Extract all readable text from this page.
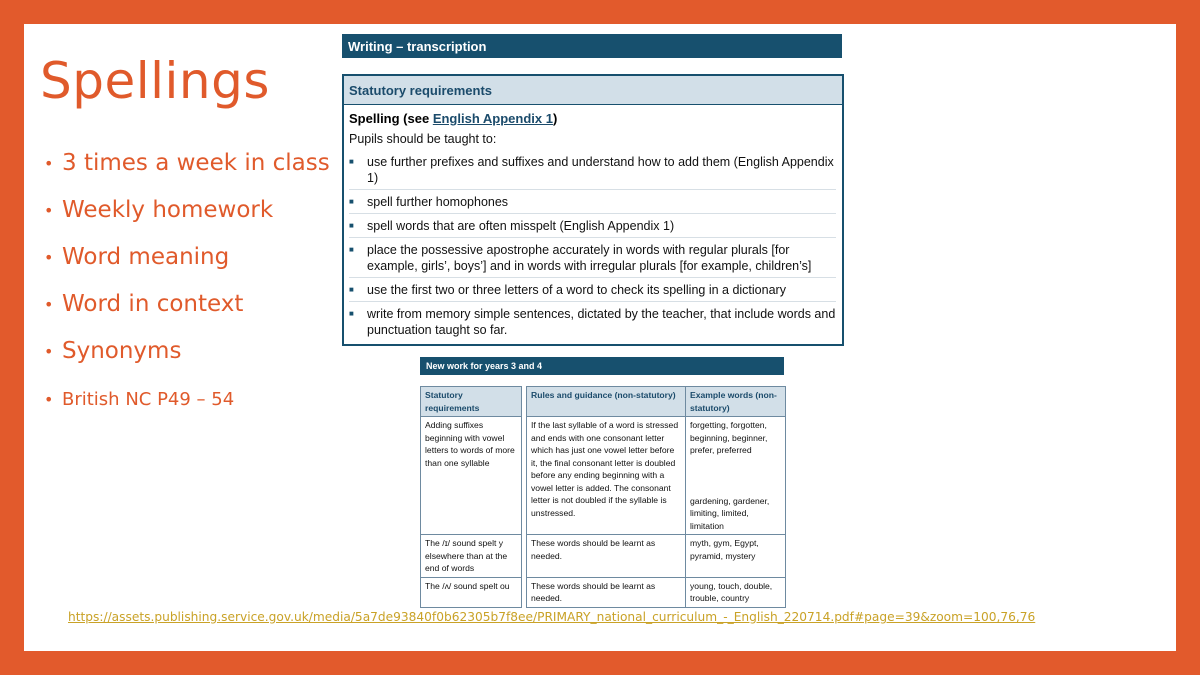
Spellings
• 3 times a week in class
• Weekly homework
• Word meaning
• Word in context
• Synonyms
• British NC P49 – 54
Writing – transcription
Statutory requirements
Spelling (see English Appendix 1)
Pupils should be taught to:
■	use further prefixes and suffixes and understand how to add them (English Appendix 1)
■	spell further homophones
■	spell words that are often misspelt (English Appendix 1)
■	place the possessive apostrophe accurately in words with regular plurals [for example, girls’, boys’] and in words with irregular plurals [for example, children’s]
■	use the first two or three letters of a word to check its spelling in a dictionary
■	write from memory simple sentences, dictated by the teacher, that include words and punctuation taught so far.
New work for years 3 and 4
Statutory requirements		Rules and guidance (non-statutory)	Example words (non-statutory)
Adding suffixes beginning with vowel letters to words of more than one syllable		If the last syllable of a word is stressed and ends with one consonant letter which has just one vowel letter before it, the final consonant letter is doubled before any ending beginning with a vowel letter is added. The consonant letter is not doubled if the syllable is unstressed.	forgetting, forgotten, beginning, beginner, prefer, preferred
gardening, gardener, limiting, limited, limitation

The /ɪ/ sound spelt y elsewhere than at the end of words		These words should be learnt as needed.	myth, gym, Egypt, pyramid, mystery
The /ʌ/ sound spelt ou		These words should be learnt as needed.	young, touch, double, trouble, country
https://assets.publishing.service.gov.uk/media/5a7de93840f0b62305b7f8ee/PRIMARY_national_curriculum_-_English_220714.pdf#page=39&zoom=100,76,76
